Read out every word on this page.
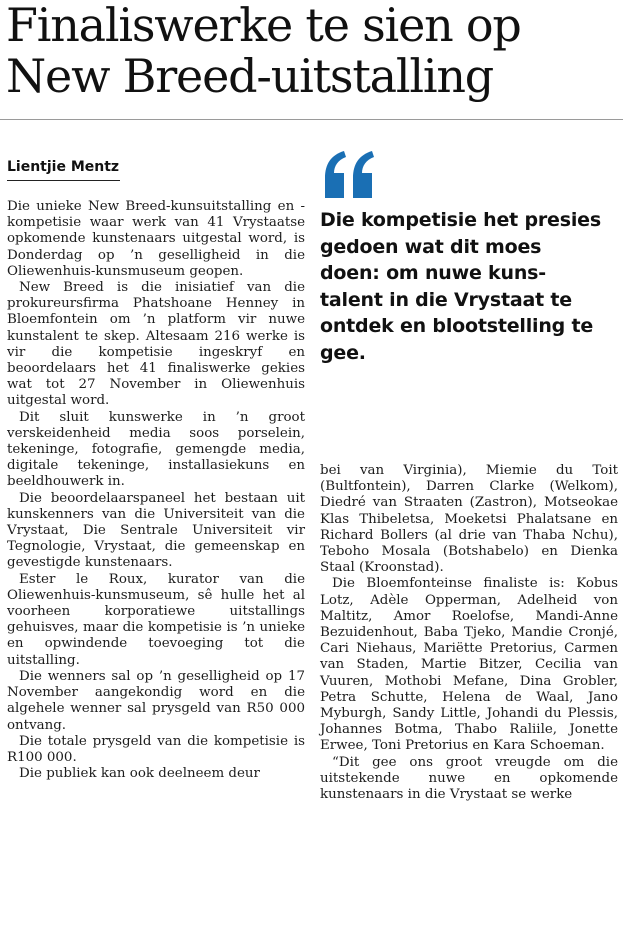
Finaliswerke te sien op
New Breed-uitstalling
Lientjie Mentz

Die unieke New Breed-kunsuitstalling en -kompetisie waar werk van 41 Vrystaatse opkomende kunstenaars uitgestal word, is Donderdag op ’n geselligheid in die Oliewenhuis-kunsmuseum geopen.

New Breed is die inisiatief van die prokureursfirma Phatshoane Henney in Bloemfontein om ’n platform vir nuwe kunstalent te skep. Altesaam 216 werke is vir die kompetisie ingeskryf en beoordelaars het 41 finaliswerke gekies wat tot 27 November in Oliewenhuis uitgestal word.

Dit sluit kunswerke in ’n groot verskeidenheid media soos porselein, tekeninge, fotografie, gemengde media, digitale tekeninge, installasiekuns en beeldhouwerk in.

Die beoordelaarspaneel het bestaan uit kunskenners van die Universiteit van die Vrystaat, Die Sentrale Universiteit vir Tegnologie, Vrystaat, die gemeenskap en gevestigde kunstenaars.

Ester le Roux, kurator van die Oliewenhuis-kunsmuseum, sê hulle het al voorheen korporatiewe uitstallings gehuisves, maar die kompetisie is ’n unieke en opwindende toevoeging tot die uitstalling.

Die wenners sal op ’n geselligheid op 17 November aangekondig word en die algehele wenner sal prysgeld van R50 000 ontvang.

Die totale prysgeld van die kompetisie is R100 000.

Die publiek kan ook deelneem deur

Die kompetisie het presies
gedoen wat dit moes
doen: om nuwe kuns-
talent in die Vrystaat te
ontdek en blootstelling te
gee.

bei van Virginia), Miemie du Toit (Bultfontein), Darren Clarke (Welkom), Diedré van Straaten (Zastron), Motseokae Klas Thibeletsa, Moeketsi Phalatsane en Richard Bollers (al drie van Thaba Nchu), Teboho Mosala (Botshabelo) en Dienka Staal (Kroonstad).

Die Bloemfonteinse finaliste is: Kobus Lotz, Adèle Opperman, Adelheid von Maltitz, Amor Roelofse, Mandi-Anne Bezuidenhout, Baba Tjeko, Mandie Cronjé, Cari Niehaus, Mariëtte Pretorius, Carmen van Staden, Martie Bitzer, Cecilia van Vuuren, Mothobi Mefane, Dina Grobler, Petra Schutte, Helena de Waal, Jano Myburgh, Sandy Little, Johandi du Plessis, Johannes Botma, Thabo Raliile, Jonette Erwee, Toni Pretorius en Kara Schoeman.

“Dit gee ons groot vreugde om die uitstekende nuwe en opkomende kunstenaars in die Vrystaat se werke
